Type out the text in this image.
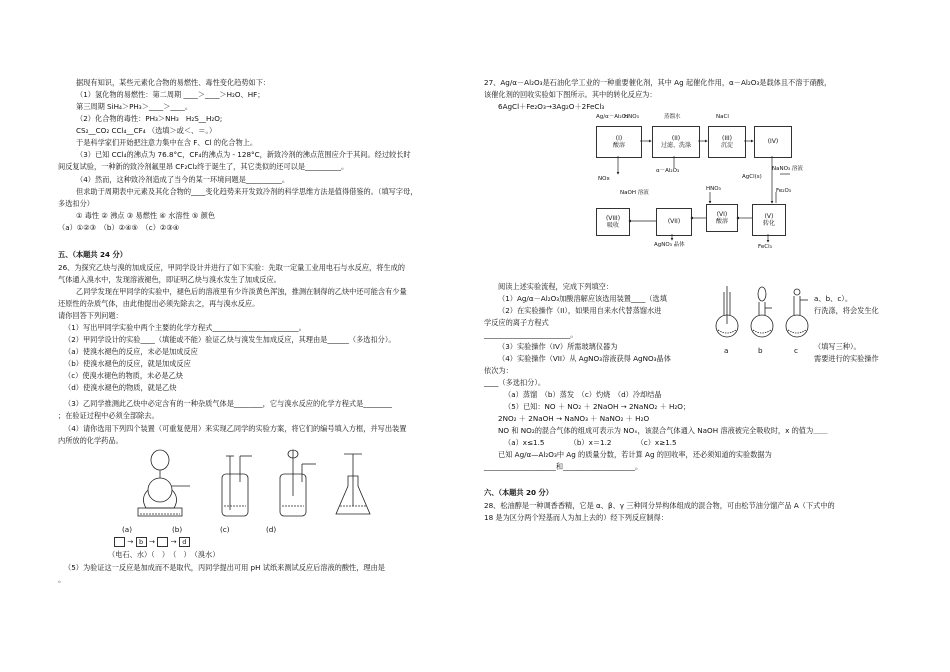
据现有知识，某些元素化合物的易燃性、毒性变化趋势如下：
（1）氢化物的易燃性：第二周期 ____＞____＞H₂O、HF；
第三周期 SiH₄＞PH₃＞____＞____。
（2）化合物的毒性：PH₃＞NH₃　H₂S__H₂O;
CS₂__CO₂ CCl₄__CF₄ （选填＞或＜、＝。）
于是科学家们开始把注意力集中在含 F、Cl 的化合物上。
（3）已知 CCl₄的沸点为 76.8°C，CF₄的沸点为 - 128°C，新致冷剂的沸点范围应介于其间。经过较长时
间反复试验，一种新的致冷剂氟里昂 CF₂Cl₂终于诞生了，其它类似的还可以是__________。
（4）然而，这种致冷剂造成了当今的某一环境问题是__________。
但求助于周期表中元素及其化合物的____变化趋势来开发致冷剂的科学思维方法是值得借鉴的。（填写字母，
多选扣分）
① 毒性 ② 沸点 ③ 易燃性 ④ 水溶性 ⑤ 颜色
（a）①②③　（b）②④⑤　（c）②③④
五、（本题共 24 分）
26、为探究乙炔与溴的加成反应，甲同学设计并进行了如下实验：先取一定量工业用电石与水反应，将生成的
气体通入溴水中，发现溶液褪色，即证明乙炔与溴水发生了加成反应。
乙同学发现在甲同学的实验中，褪色后的溶液里有少许淡黄色浑浊，推测在制得的乙炔中还可能含有少量
还原性的杂质气体，由此他提出必须先除去之，再与溴水反应。
请你回答下列问题：
（1）写出甲同学实验中两个主要的化学方程式________________________。
（2）甲同学设计的实验____（填能或不能）验证乙炔与溴发生加成反应，其理由是______（多选扣分）。
（a）使溴水褪色的反应，未必是加成反应
（b）使溴水褪色的反应，就是加成反应
（c）使溴水褪色的物质，未必是乙炔
（d）使溴水褪色的物质，就是乙炔
（3）乙同学推测此乙炔中必定含有的一种杂质气体是________，它与溴水反应的化学方程式是________
；在验证过程中必须全部除去。
（4）请你选用下列四个装置（可重复使用）来实现乙同学的实验方案，将它们的编号填入方框，并写出装置
内所放的化学药品。
(a)	(b)	(c)	(d)
→ b → → d
（电石、水）（　）　（　）　（溴水）
（5）为验证这一反应是加成而不是取代，丙同学提出可用 pH 试纸来测试反应后溶液的酸性，理由是
。
27、Ag/α－Al₂O₃是石油化学工业的一种重要催化剂，其中 Ag 起催化作用，α－Al₂O₃是载体且不溶于硝酸，
该催化剂的回收实验如下图所示。其中的转化反应为：
6AgCl＋Fe₂O₃→3Ag₂O＋2FeCl₃
Ag/α－Al₂O₃
HNO₃	蒸馏水	NaCl
(I)
酸溶
(II)
过滤、洗涤
(III)
沉淀
(IV)
NOx
α－Al₂O₃
AgCl(s)
NaNO₃ 溶液
Fe₂O₃
HNO₃
NaOH 溶液
(VIII)
吸收
(VII)
(VI)
酸溶
(V)
转化
AgNO₃ 晶体	FeCl₃
阅读上述实验流程，完成下列填空：
（1）Ag/α－Al₂O₃加酸溶解应该选用装置____（选填	a、b、c）。
（2）在实验操作（II），如果用自来水代替蒸馏水进	行洗涤，将会发生化
学反应的离子方程式
________________________。
（3）实验操作（IV）所需玻璃仪器为	（填写三种）。
a	b	c
（4）实验操作（VII）从 AgNO₃溶液获得 AgNO₃晶体	需要进行的实验操作
依次为：
____（多选扣分）。
（a）蒸馏　（b）蒸发　（c）灼烧　（d）冷却结晶
（5）已知：NO ＋ NO₂ ＋ 2NaOH → 2NaNO₂ ＋ H₂O；
2NO₂ ＋ 2NaOH → NaNO₃ ＋ NaNO₂ ＋ H₂O
NO 和 NO₂的混合气体的组成可表示为 NOₓ，该混合气体通入 NaOH 溶液被完全吸收时，x 的值为＿＿
（a）x≤1.5　　　　（b）x＝1.2　　　　（c）x≥1.5
已知 Ag/α—Al₂O₃中 Ag 的质量分数，若计算 Ag 的回收率，还必须知道的实验数据为
____________________和____________________。
六、（本题共 20 分）
28、松油醇是一种调香香精，它是 α、β、γ 三种同分异构体组成的混合物，可由松节油分馏产品 A（下式中的
18 是为区分两个羟基而人为加上去的）经下列反应制得：
